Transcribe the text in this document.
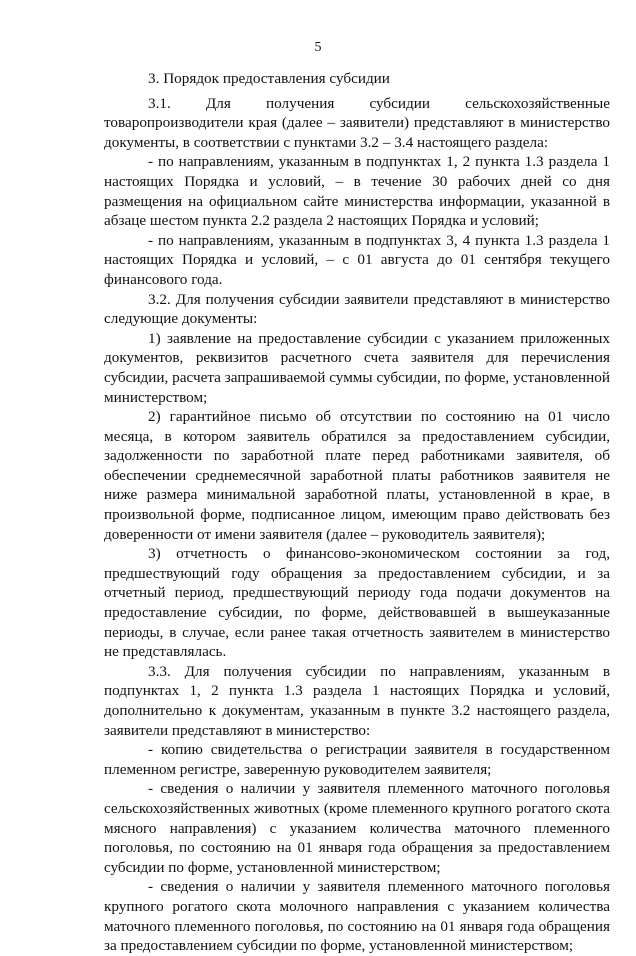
5

3. Порядок предоставления субсидии

3.1. Для получения субсидии сельскохозяйственные товаропроизводители края (далее – заявители) представляют в министерство документы, в соответствии с пунктами 3.2 – 3.4 настоящего раздела:

- по направлениям, указанным в подпунктах 1, 2 пункта 1.3 раздела 1 настоящих Порядка и условий, – в течение 30 рабочих дней со дня размещения на официальном сайте министерства информации, указанной в абзаце шестом пункта 2.2 раздела 2 настоящих Порядка и условий;

- по направлениям, указанным в подпунктах 3, 4 пункта 1.3 раздела 1 настоящих Порядка и условий, – с 01 августа до 01 сентября текущего финансового года.

3.2. Для получения субсидии заявители представляют в министерство следующие документы:

1) заявление на предоставление субсидии с указанием приложенных документов, реквизитов расчетного счета заявителя для перечисления субсидии, расчета запрашиваемой суммы субсидии, по форме, установленной министерством;

2) гарантийное письмо об отсутствии по состоянию на 01 число месяца, в котором заявитель обратился за предоставлением субсидии, задолженности по заработной плате перед работниками заявителя, об обеспечении среднемесячной заработной платы работников заявителя не ниже размера минимальной заработной платы, установленной в крае, в произвольной форме, подписанное лицом, имеющим право действовать без доверенности от имени заявителя (далее – руководитель заявителя);

3) отчетность о финансово-экономическом состоянии за год, предшествующий году обращения за предоставлением субсидии, и за отчетный период, предшествующий периоду года подачи документов на предоставление субсидии, по форме, действовавшей в вышеуказанные периоды, в случае, если ранее такая отчетность заявителем в министерство не представлялась.

3.3. Для получения субсидии по направлениям, указанным в подпунктах 1, 2 пункта 1.3 раздела 1 настоящих Порядка и условий, дополнительно к документам, указанным в пункте 3.2 настоящего раздела, заявители представляют в министерство:

- копию свидетельства о регистрации заявителя в государственном племенном регистре, заверенную руководителем заявителя;

- сведения о наличии у заявителя племенного маточного поголовья сельскохозяйственных животных (кроме племенного крупного рогатого скота мясного направления) с указанием количества маточного племенного поголовья, по состоянию на 01 января года обращения за предоставлением субсидии по форме, установленной министерством;

- сведения о наличии у заявителя племенного маточного поголовья крупного рогатого скота молочного направления с указанием количества маточного племенного поголовья, по состоянию на 01 января года обращения за предоставлением субсидии по форме, установленной министерством;
